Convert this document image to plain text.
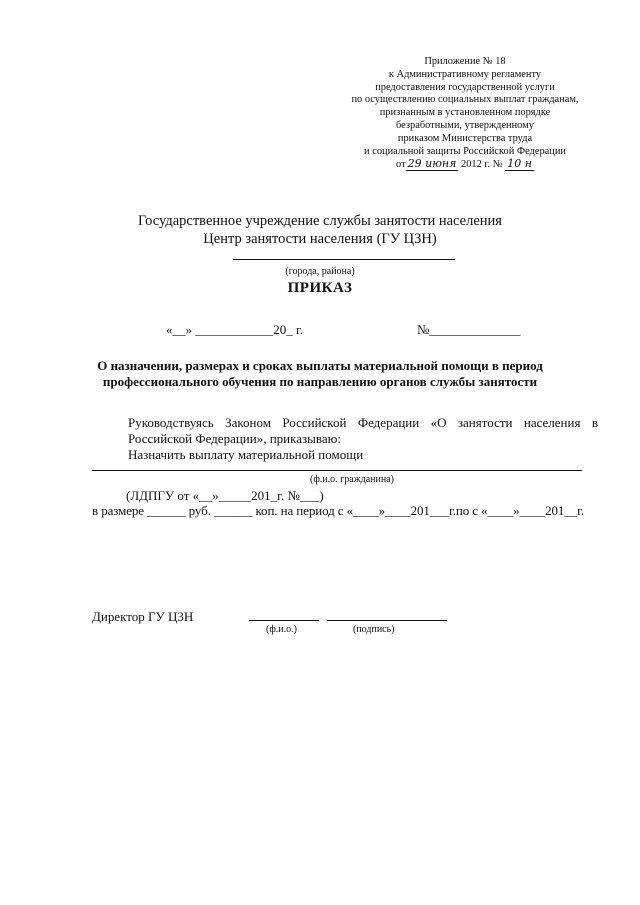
Приложение № 18
к Административному регламенту
предоставления государственной услуги
по осуществлению социальных выплат гражданам,
признанным в установленном порядке
безработными, утвержденному
приказом Министерства труда
и социальной защиты Российской Федерации
от 29 июня 2012 г. № 10 н
Государственное учреждение службы занятости населения
Центр занятости населения (ГУ ЦЗН)
(города, района)
ПРИКАЗ
«__» ____________20_ г.	№______________
О назначении, размерах и сроках выплаты материальной помощи в период
профессионального обучения по направлению органов службы занятости
Руководствуясь Законом Российской Федерации «О занятости населения в Российской Федерации», приказываю:
Назначить выплату материальной помощи
(ф.и.о. гражданина)
(ЛДПГУ от «__»_____201_г. №___)
в размере ______ руб. ______ коп. на период с «____»____201___г.по с «____»____201__г.
Директор ГУ ЦЗН
(ф.и.о.)	(подпись)
